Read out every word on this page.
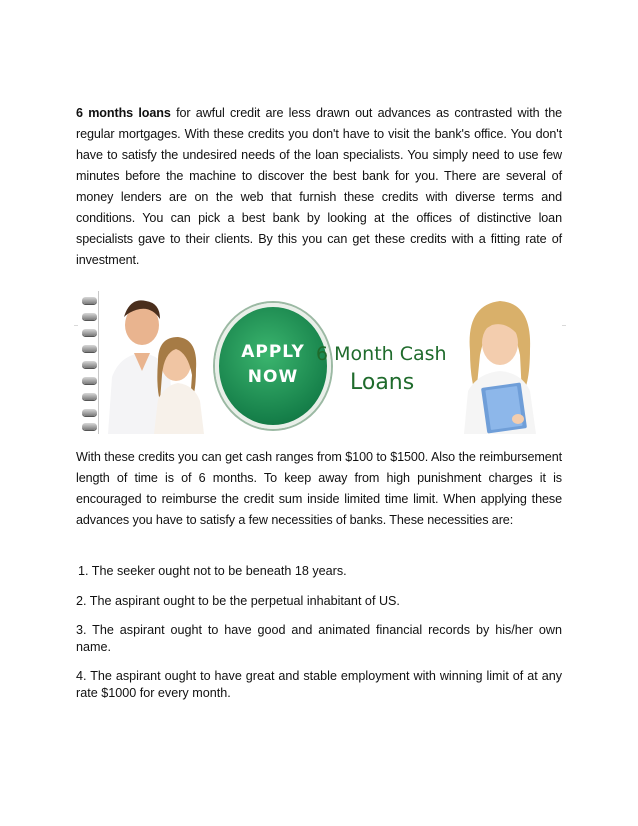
6 months loans for awful credit are less drawn out advances as contrasted with the regular mortgages. With these credits you don't have to visit the bank's office. You don't have to satisfy the undesired needs of the loan specialists. You simply need to use few minutes before the machine to discover the best bank for you. There are several of money lenders are on the web that furnish these credits with diverse terms and conditions. You can pick a best bank by looking at the offices of distinctive loan specialists gave to their clients. By this you can get these credits with a fitting rate of investment.

APPLY
NOW
6 Month Cash
Loans

With these credits you can get cash ranges from $100 to $1500. Also the reimbursement length of time is of 6 months. To keep away from high punishment charges it is encouraged to reimburse the credit sum inside limited time limit. When applying these advances you have to satisfy a few necessities of banks. These necessities are:

1. The seeker ought not to be beneath 18 years.
2. The aspirant ought to be the perpetual inhabitant of US.
3. The aspirant ought to have good and animated financial records by his/her own name.
4. The aspirant ought to have great and stable employment with winning limit of at any rate $1000 for every month.
